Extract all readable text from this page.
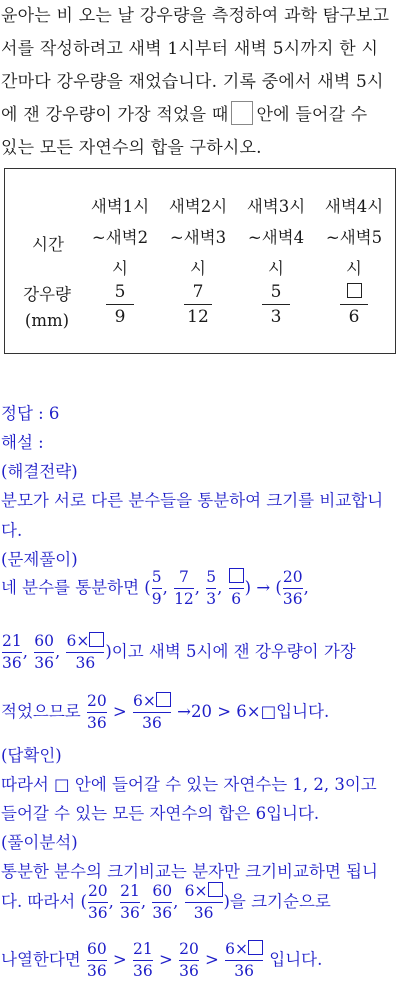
윤아는 비 오는 날 강우량을 측정하여 과학 탐구보고
서를 작성하려고 새벽 1시부터 새벽 5시까지 한 시
간마다 강우량을 재었습니다. 기록 중에서 새벽 5시
에 잰 강우량이 가장 적었을 때 안에 들어갈 수
있는 모든 자연수의 합을 구하시오.
시간
강우량
(mm)
새벽1시
~새벽2
시
5
9
새벽2시
~새벽3
시
7
12
새벽3시
~새벽4
시
5
3
새벽4시
~새벽5
시
6
정답 : 6
해설 :
(해결전략)
분모가 서로 다른 분수들을 통분하여 크기를 비교합니
다.
(문제풀이)
네 분수를 통분하면 ( $\frac{5}{9}$ , $\frac{7}{12}$ , $\frac{5}{3}$ ,
6
) → ( $\frac{20}{36}$ ,
$\frac{21}{36}$ , $\frac{60}{36}$ , $\frac{6\times}{36}$ )이고 새벽 5시에 잰 강우량이 가장
적었으므로 $\frac{20}{36} > \frac{6\times}{36} \to 20$ > 6×□입니다.
(답확인)
따라서 □ 안에 들어갈 수 있는 자연수는 1, 2, 3이고
들어갈 수 있는 모든 자연수의 합은 6입니다.
(풀이분석)
통분한 분수의 크기비교는 분자만 크기비교하면 됩니
다. 따라서 ( $\frac{20}{36}$ , $\frac{21}{36}$ , $\frac{60}{36}$ , $\frac{6\times}{36}$ )을 크기순으로
나열한다면 $\frac{60}{36} > \frac{21}{36} > \frac{20}{36} > \frac{6\times}{36}$ 입니다.
